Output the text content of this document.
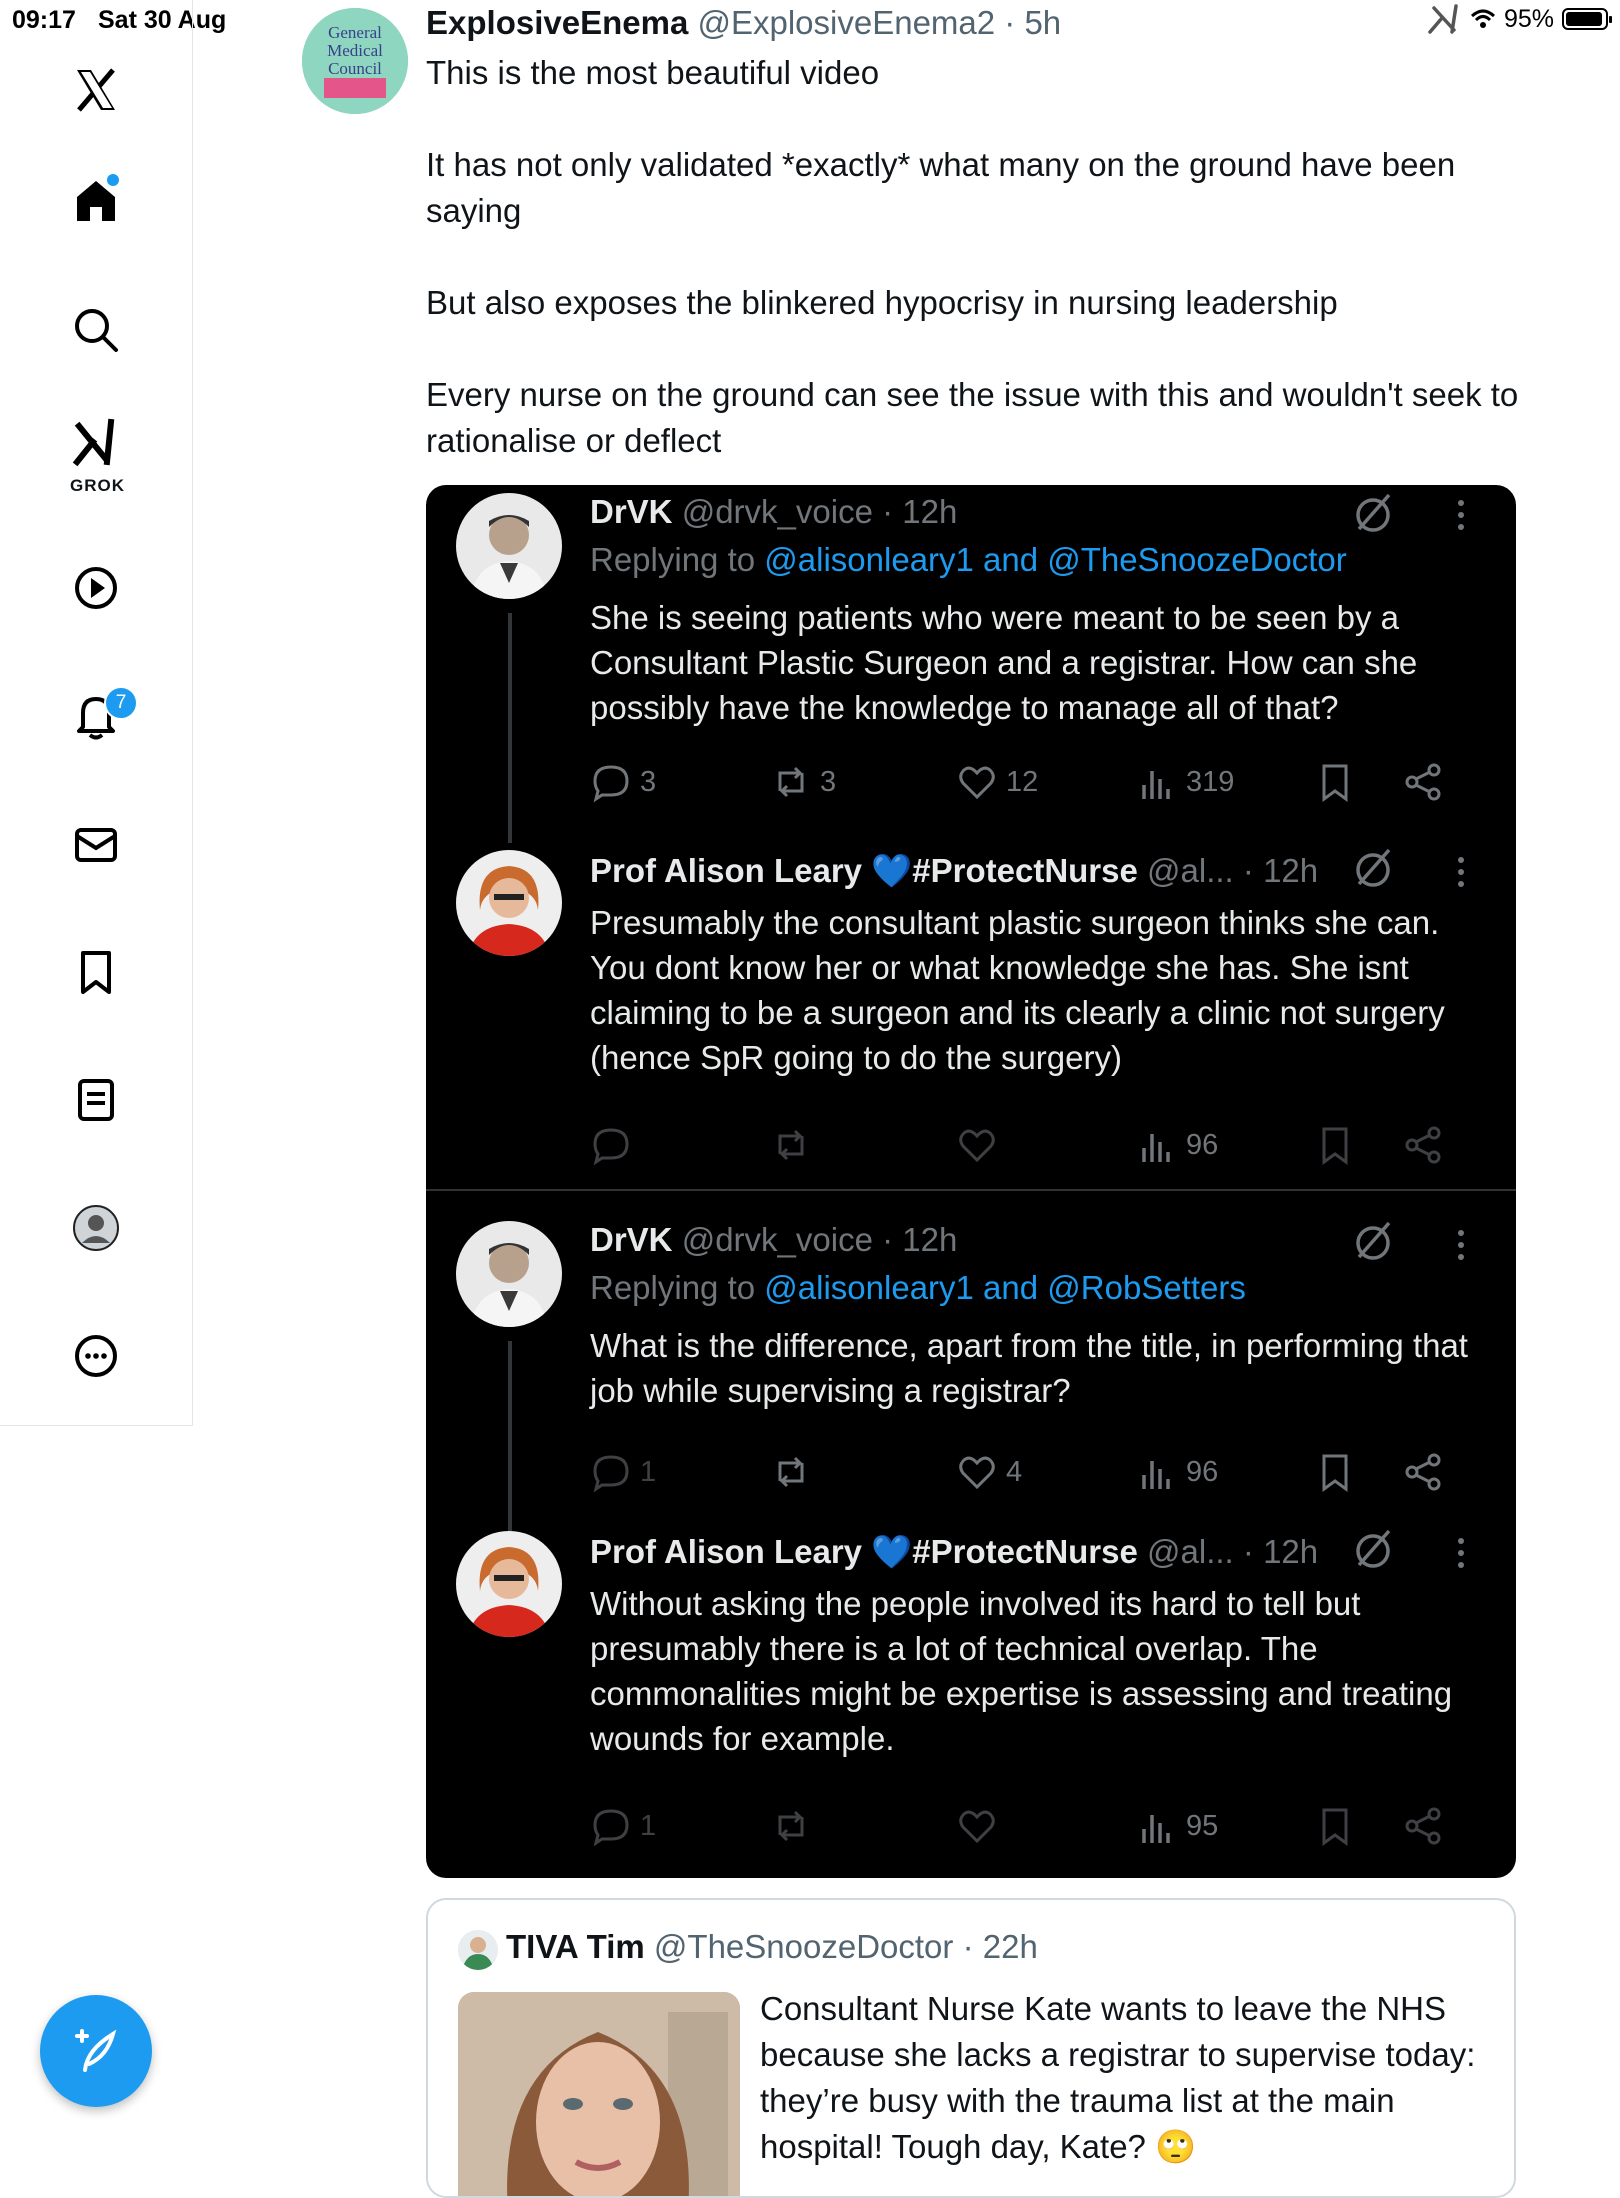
09:17 Sat 30 Aug	95%
GROK
7
General
Medical
Council
ExplosiveEnema @ExplosiveEnema2 · 5h

This is the most beautiful video

It has not only validated *exactly* what many on the ground have been saying

But also exposes the blinkered hypocrisy in nursing leadership

Every nurse on the ground can see the issue with this and wouldn't seek to rationalise or deflect

DrVK @drvk_voice · 12h
Replying to @alisonleary1 and @TheSnoozeDoctor
She is seeing patients who were meant to be seen by a Consultant Plastic Surgeon and a registrar. How can she possibly have the knowledge to manage all of that?
3	3	12	319
Prof Alison Leary 💙#ProtectNurse @al... · 12h
Presumably the consultant plastic surgeon thinks she can. You dont know her or what knowledge she has. She isnt claiming to be a surgeon and its clearly a clinic not surgery (hence SpR going to do the surgery)
96
DrVK @drvk_voice · 12h
Replying to @alisonleary1 and @RobSetters
What is the difference, apart from the title, in performing that job while supervising a registrar?
1	4	96
Prof Alison Leary 💙#ProtectNurse @al... · 12h
Without asking the people involved its hard to tell but presumably there is a lot of technical overlap. The commonalities might be expertise is assessing and treating wounds for example.
1	95
TIVA Tim @TheSnoozeDoctor · 22h
Consultant Nurse Kate wants to leave the NHS because she lacks a registrar to supervise today: they’re busy with the trauma list at the main hospital! Tough day, Kate? 🙄
